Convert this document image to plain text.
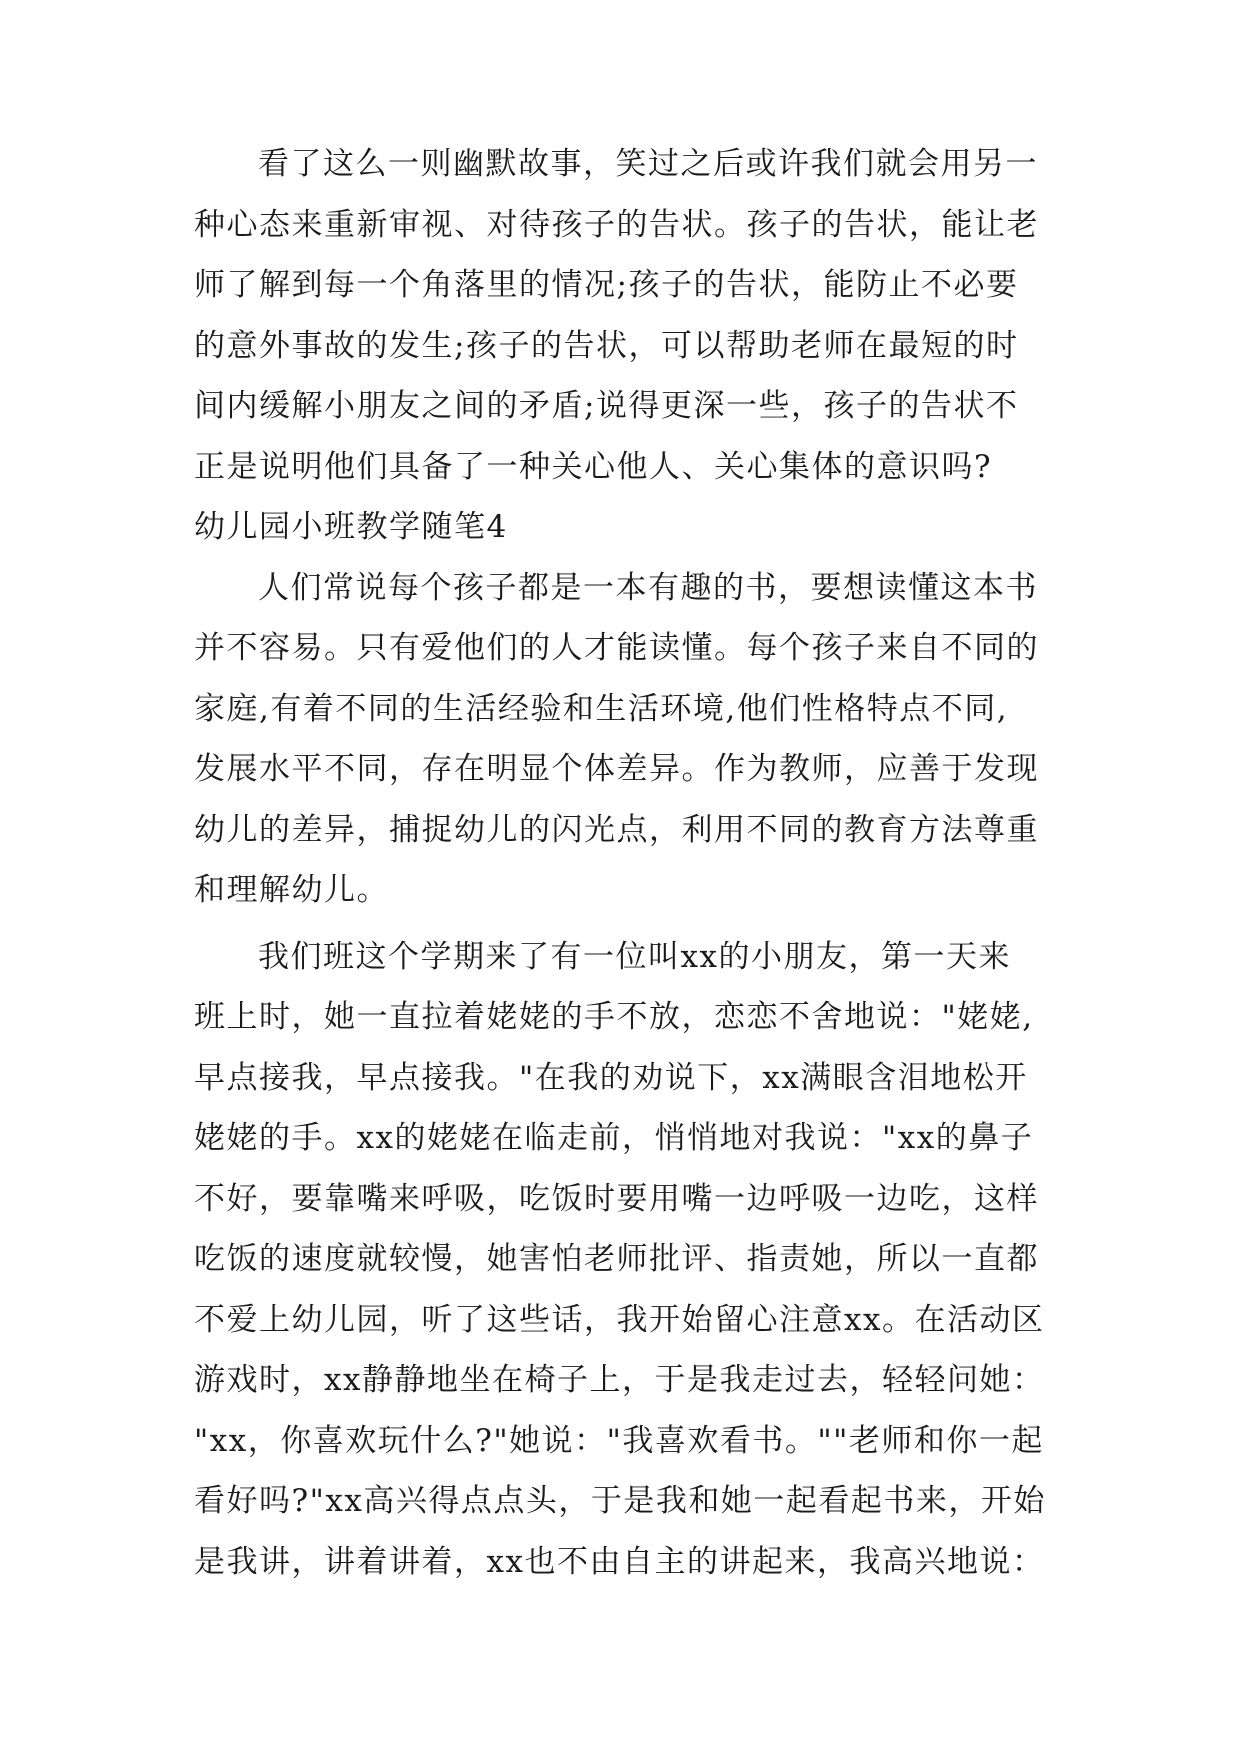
看了这么一则幽默故事，笑过之后或许我们就会用另一
种心态来重新审视、对待孩子的告状。孩子的告状，能让老
师了解到每一个角落里的情况;孩子的告状，能防止不必要
的意外事故的发生;孩子的告状，可以帮助老师在最短的时
间内缓解小朋友之间的矛盾;说得更深一些，孩子的告状不
正是说明他们具备了一种关心他人、关心集体的意识吗?
幼儿园小班教学随笔4
人们常说每个孩子都是一本有趣的书，要想读懂这本书
并不容易。只有爱他们的人才能读懂。每个孩子来自不同的
家庭,有着不同的生活经验和生活环境,他们性格特点不同,
发展水平不同，存在明显个体差异。作为教师，应善于发现
幼儿的差异，捕捉幼儿的闪光点，利用不同的教育方法尊重
和理解幼儿。
我们班这个学期来了有一位叫xx的小朋友，第一天来
班上时，她一直拉着姥姥的手不放，恋恋不舍地说："姥姥,
早点接我，早点接我。"在我的劝说下，xx满眼含泪地松开
姥姥的手。xx的姥姥在临走前，悄悄地对我说："xx的鼻子
不好，要靠嘴来呼吸，吃饭时要用嘴一边呼吸一边吃，这样
吃饭的速度就较慢，她害怕老师批评、指责她，所以一直都
不爱上幼儿园，听了这些话，我开始留心注意xx。在活动区
游戏时，xx静静地坐在椅子上，于是我走过去，轻轻问她：
"xx，你喜欢玩什么?"她说："我喜欢看书。""老师和你一起
看好吗?"xx高兴得点点头，于是我和她一起看起书来，开始
是我讲，讲着讲着，xx也不由自主的讲起来，我高兴地说：
